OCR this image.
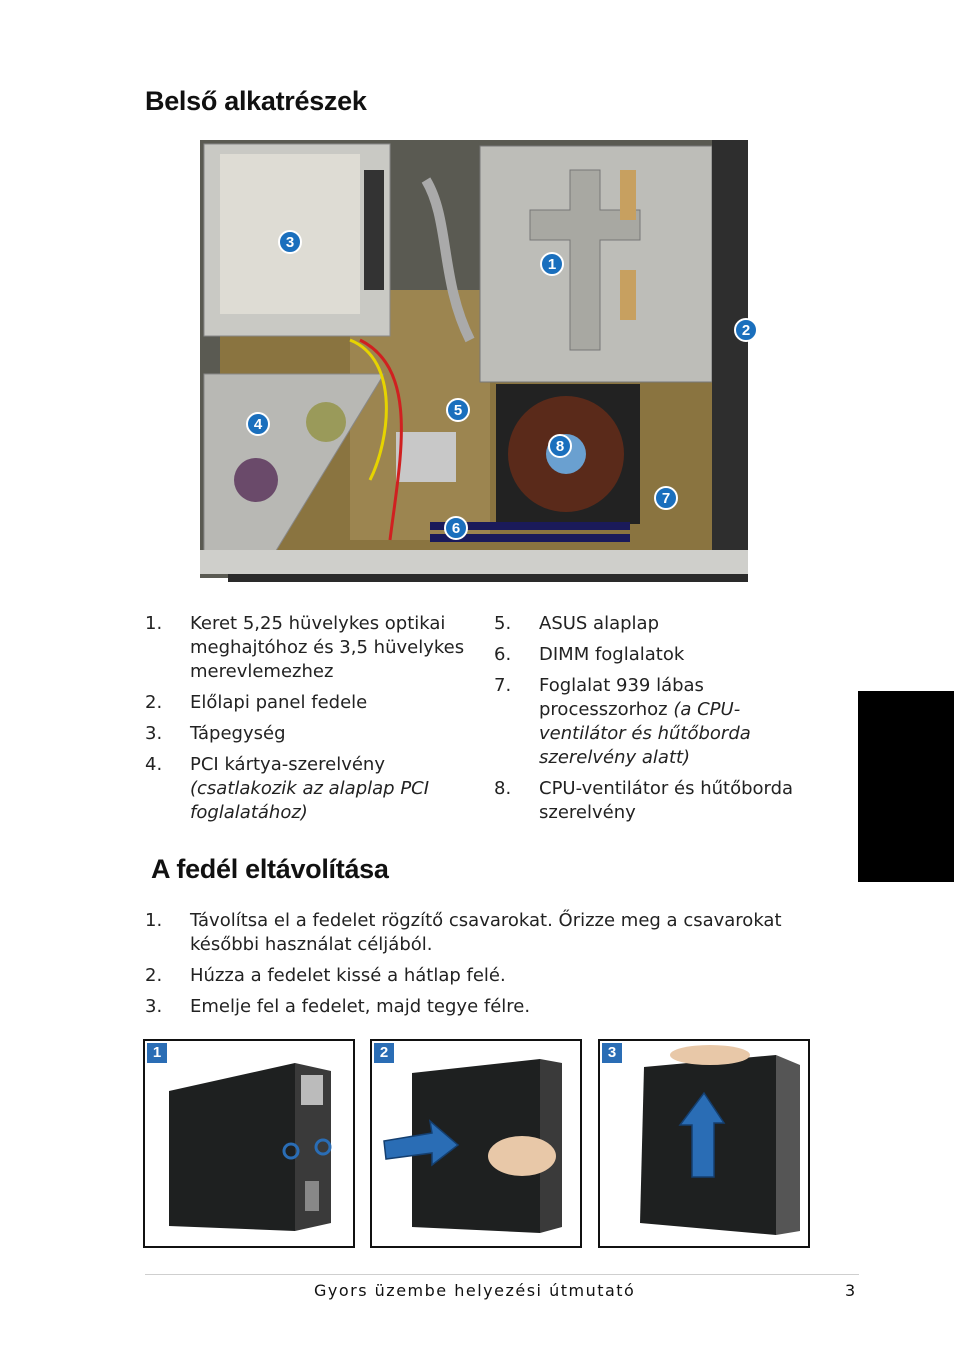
Belső alkatrészek
1
2
3
4
5
6
7
8
1.	Keret 5,25 hüvelykes optikai meghajtóhoz és 3,5 hüvelykes merevlemezhez
2.	Előlapi panel fedele
3.	Tápegység
4.	PCI kártya-szerelvény
(csatlakozik az alaplap PCI foglalatához)
5.	ASUS alaplap
6.	DIMM foglalatok
7.	Foglalat 939 lábas processzorhoz (a CPU-ventilátor és hűtőborda szerelvény alatt)
8.	CPU-ventilátor és hűtőborda szerelvény
A fedél eltávolítása
1.	Távolítsa el a fedelet rögzítő csavarokat. Őrizze meg a csavarokat későbbi használat céljából.
2.	Húzza a fedelet kissé a hátlap felé.
3.	Emelje fel a fedelet, majd tegye félre.
1	2	3
Gyors üzembe helyezési útmutató	3
